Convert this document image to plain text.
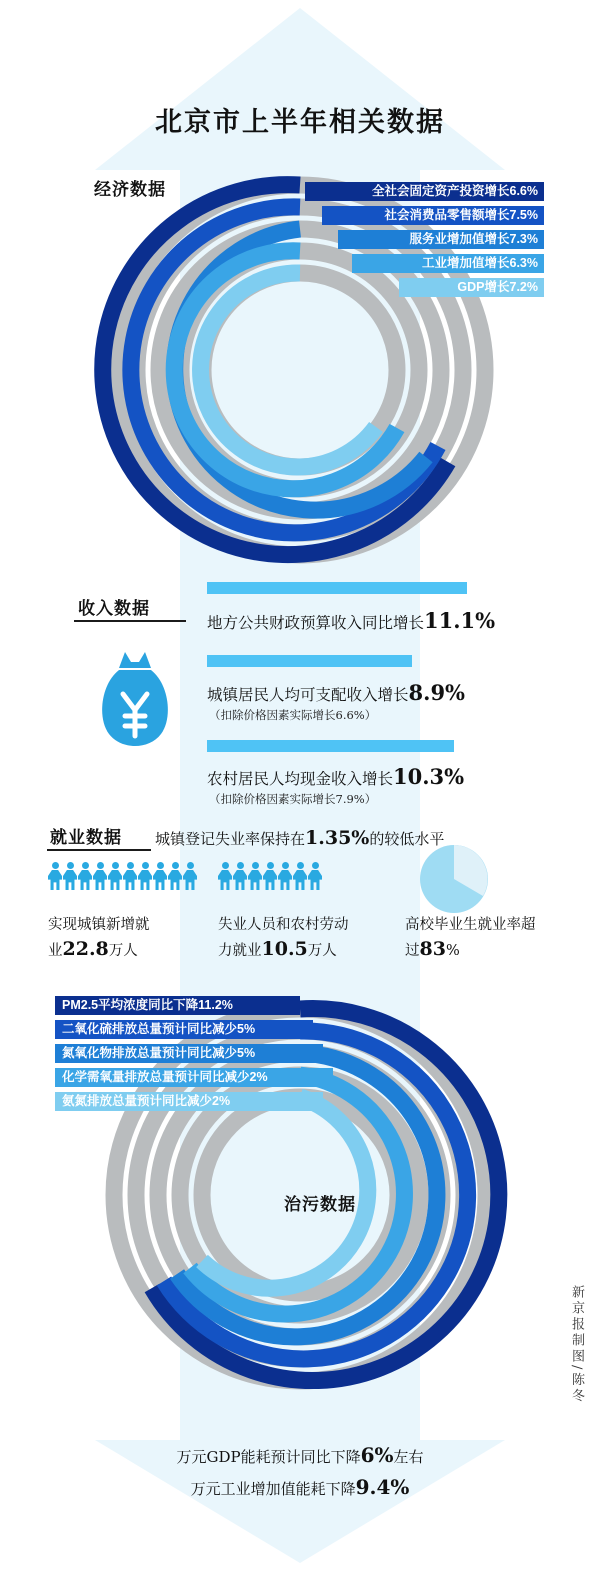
北京市上半年相关数据
经济数据	全社会固定资产投资增长6.6%
社会消费品零售额增长7.5%
服务业增加值增长7.3%
工业增加值增长6.3%
GDP增长7.2%
收入数据
地方公共财政预算收入同比增长11.1%
城镇居民人均可支配收入增长8.9%
（扣除价格因素实际增长6.6%）
农村居民人均现金收入增长10.3%
（扣除价格因素实际增长7.9%）
就业数据 城镇登记失业率保持在1.35%的较低水平
实现城镇新增就
业22.8万人
失业人员和农村劳动
力就业10.5万人
高校毕业生就业率超
过83%
治污数据
PM2.5平均浓度同比下降11.2%
二氧化硫排放总量预计同比减少5%
氮氧化物排放总量预计同比减少5%
化学需氧量排放总量预计同比减少2%
氨氮排放总量预计同比减少2%
万元GDP能耗预计同比下降6%左右
万元工业增加值能耗下降9.4%
新京报制图/陈冬
